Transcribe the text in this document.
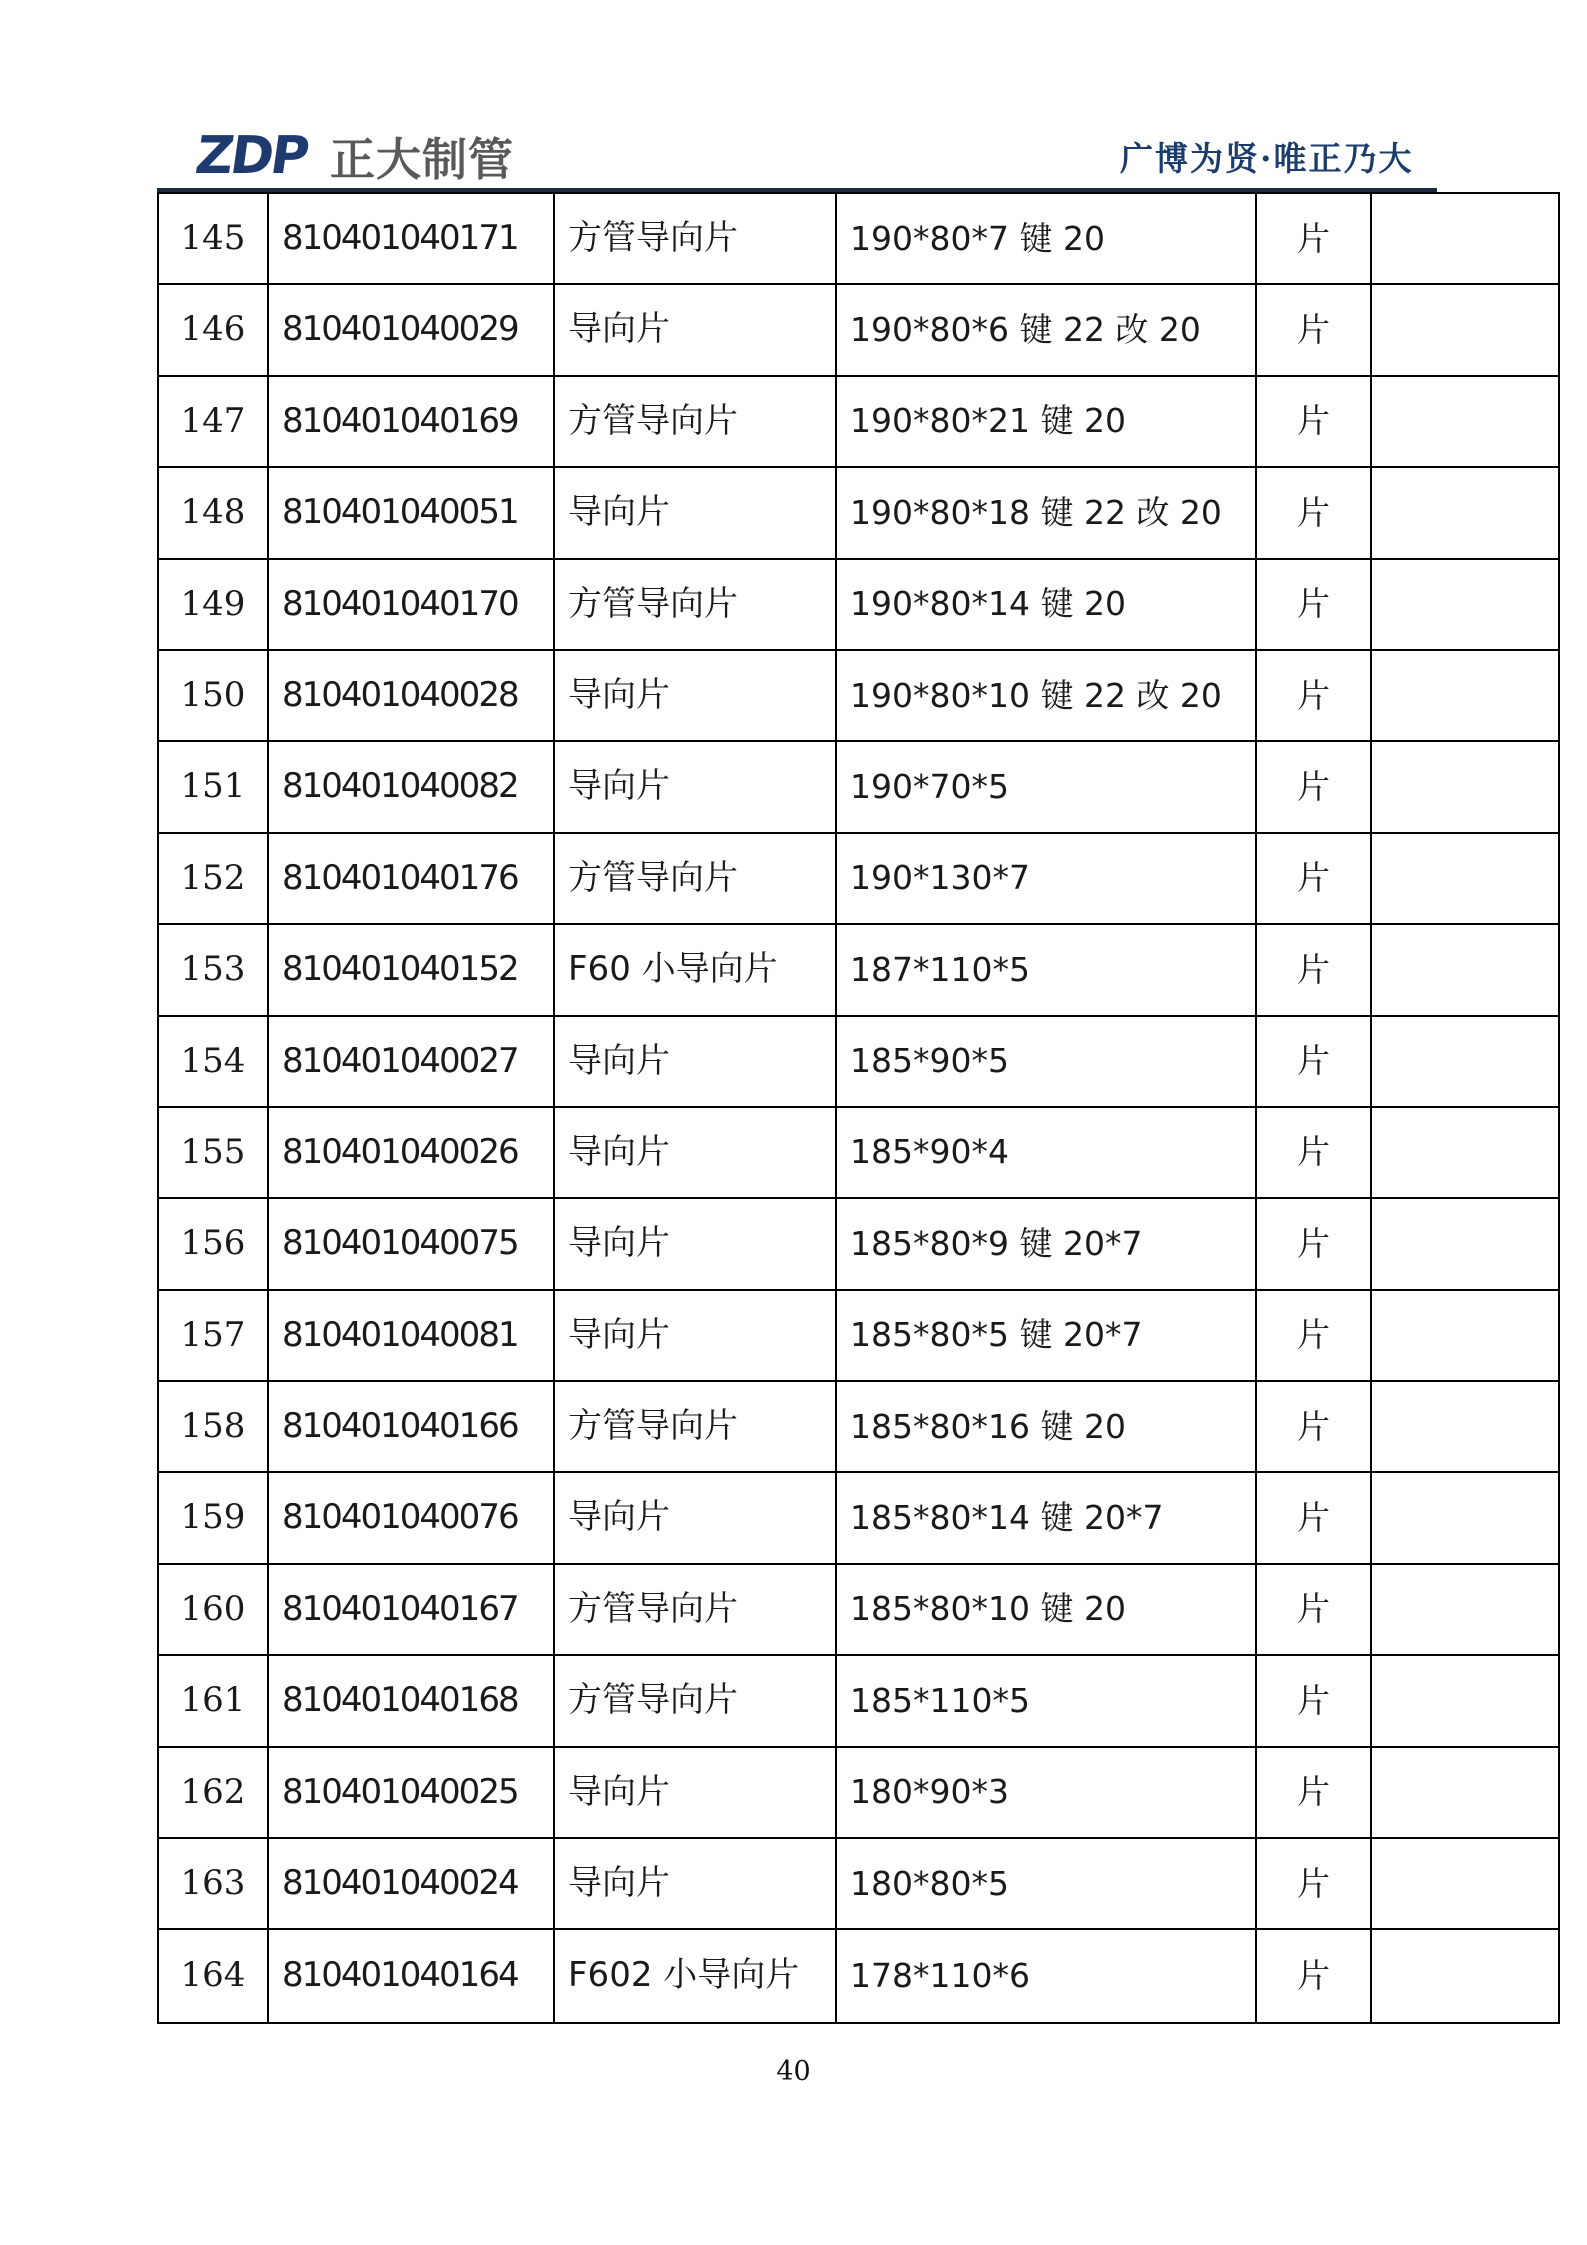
ZDP 正大制管	广博为贤·唯正乃大
145	810401040171	方管导向片	190*80*7 键 20	片
146	810401040029	导向片	190*80*6 键 22 改 20	片
147	810401040169	方管导向片	190*80*21 键 20	片
148	810401040051	导向片	190*80*18 键 22 改 20	片
149	810401040170	方管导向片	190*80*14 键 20	片
150	810401040028	导向片	190*80*10 键 22 改 20	片
151	810401040082	导向片	190*70*5	片
152	810401040176	方管导向片	190*130*7	片
153	810401040152	F60 小导向片	187*110*5	片
154	810401040027	导向片	185*90*5	片
155	810401040026	导向片	185*90*4	片
156	810401040075	导向片	185*80*9 键 20*7	片
157	810401040081	导向片	185*80*5 键 20*7	片
158	810401040166	方管导向片	185*80*16 键 20	片
159	810401040076	导向片	185*80*14 键 20*7	片
160	810401040167	方管导向片	185*80*10 键 20	片
161	810401040168	方管导向片	185*110*5	片
162	810401040025	导向片	180*90*3	片
163	810401040024	导向片	180*80*5	片
164	810401040164	F602 小导向片	178*110*6	片
40
